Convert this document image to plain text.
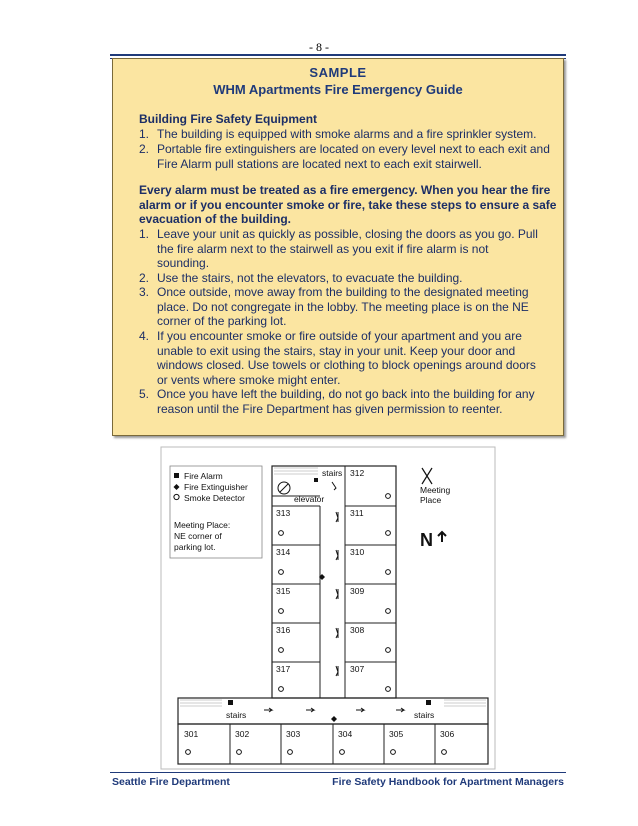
- 8 -
SAMPLE
WHM Apartments Fire Emergency Guide
Building Fire Safety Equipment
1. The building is equipped with smoke alarms and a fire sprinkler system.
2. Portable fire extinguishers are located on every level next to each exit and
Fire Alarm pull stations are located next to each exit stairwell.
Every alarm must be treated as a fire emergency. When you hear the fire
alarm or if you encounter smoke or fire, take these steps to ensure a safe
evacuation of the building.
1. Leave your unit as quickly as possible, closing the doors as you go. Pull
the fire alarm next to the stairwell as you exit if fire alarm is not
sounding.
2. Use the stairs, not the elevators, to evacuate the building.
3. Once outside, move away from the building to the designated meeting
place. Do not congregate in the lobby. The meeting place is on the NE
corner of the parking lot.
4. If you encounter smoke or fire outside of your apartment and you are
unable to exit using the stairs, stay in your unit. Keep your door and
windows closed. Use towels or clothing to block openings around doors
or vents where smoke might enter.
5. Once you have left the building, do not go back into the building for any
reason until the Fire Department has given permission to reenter.
Fire Alarm
Fire Extinguisher
Smoke Detector
Meeting Place:
NE corner of
parking lot.
stairs
elevator
stairs	stairs
Meeting
Place
N
313
314
315
316
317
312
311
310
309
308
307
301	302	303	304	305	306
Seattle Fire Department	Fire Safety Handbook for Apartment Managers
